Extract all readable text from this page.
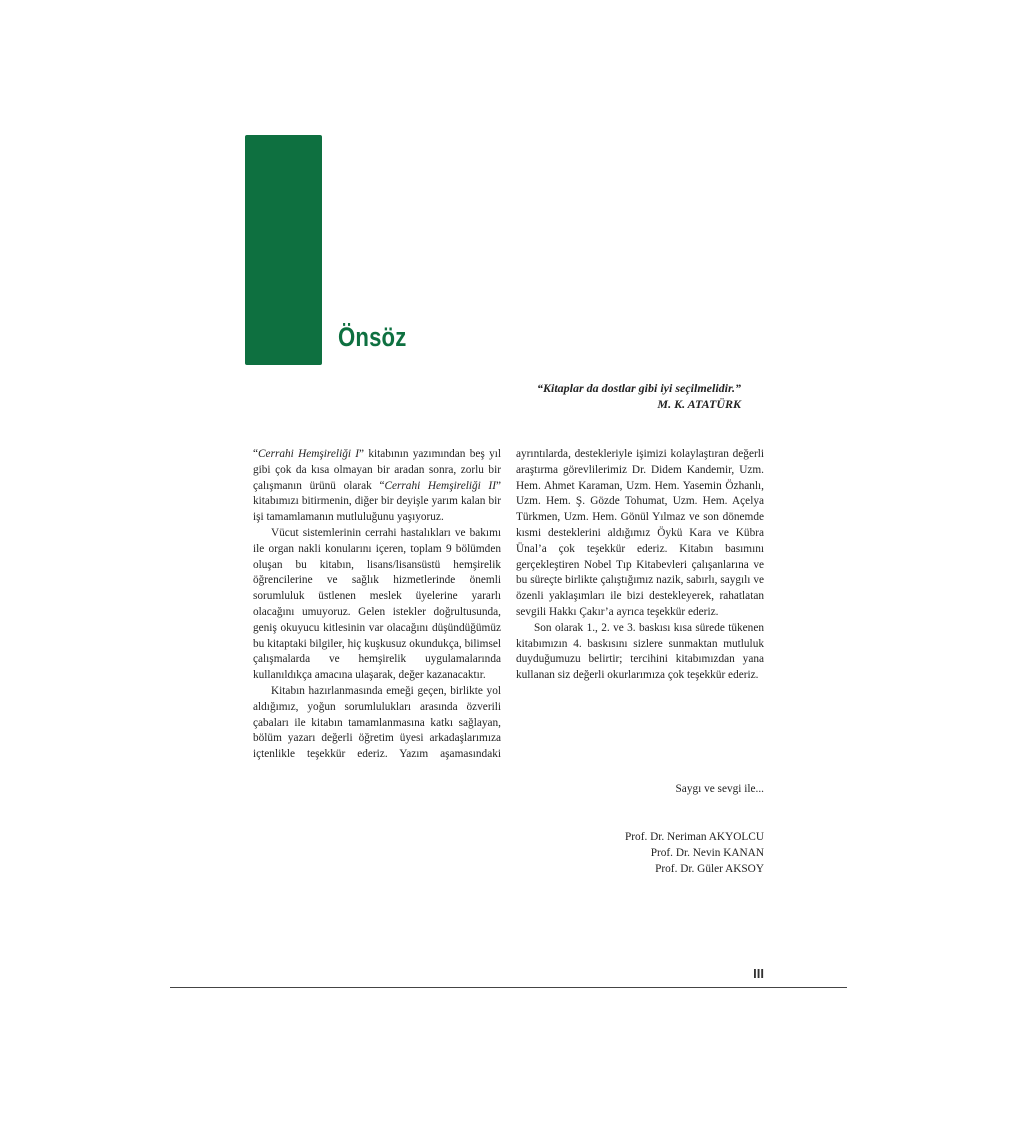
Önsöz
“Kitaplar da dostlar gibi iyi seçilmelidir.”
M. K. ATATÜRK

“Cerrahi Hemşireliği I” kitabının yazımından beş yıl gibi çok da kısa olmayan bir aradan sonra, zorlu bir çalışmanın ürünü olarak “Cerrahi Hemşireliği II” kitabımızı bitirmenin, diğer bir deyişle yarım kalan bir işi tamamlamanın mutluluğunu yaşıyoruz.

Vücut sistemlerinin cerrahi hastalıkları ve bakımı ile organ nakli konularını içeren, toplam 9 bölümden oluşan bu kitabın, lisans/lisansüstü hemşirelik öğrencilerine ve sağlık hizmetlerinde önemli sorumluluk üstlenen meslek üyelerine yararlı olacağını umuyoruz. Gelen istekler doğrultusunda, geniş okuyucu kitlesinin var olacağını düşündüğümüz bu kitaptaki bilgiler, hiç kuşkusuz okundukça, bilimsel çalışmalarda ve hemşirelik uygulamalarında kullanıldıkça amacına ulaşarak, değer kazanacaktır.

Kitabın hazırlanmasında emeği geçen, birlikte yol aldığımız, yoğun sorumlulukları arasında özverili çabaları ile kitabın tamamlanmasına katkı sağlayan, bölüm yazarı değerli öğretim üyesi arkadaşlarımıza içtenlikle teşekkür ederiz. Yazım aşamasındaki

ayrıntılarda, destekleriyle işimizi kolaylaştıran değerli araştırma görevlilerimiz Dr. Didem Kandemir, Uzm. Hem. Ahmet Karaman, Uzm. Hem. Yasemin Özhanlı, Uzm. Hem. Ş. Gözde Tohumat, Uzm. Hem. Açelya Türkmen, Uzm. Hem. Gönül Yılmaz ve son dönemde kısmi desteklerini aldığımız Öykü Kara ve Kübra Ünal’a çok teşekkür ederiz. Kitabın basımını gerçekleştiren Nobel Tıp Kitabevleri çalışanlarına ve bu süreçte birlikte çalıştığımız nazik, sabırlı, saygılı ve özenli yaklaşımları ile bizi destekleyerek, rahatlatan sevgili Hakkı Çakır’a ayrıca teşekkür ederiz.

Son olarak 1., 2. ve 3. baskısı kısa sürede tükenen kitabımızın 4. baskısını sizlere sunmaktan mutluluk duyduğumuzu belirtir; tercihini kitabımızdan yana kullanan siz değerli okurlarımıza çok teşekkür ederiz.

Saygı ve sevgi ile...
Prof. Dr. Neriman AKYOLCU
Prof. Dr. Nevin KANAN
Prof. Dr. Güler AKSOY
III
